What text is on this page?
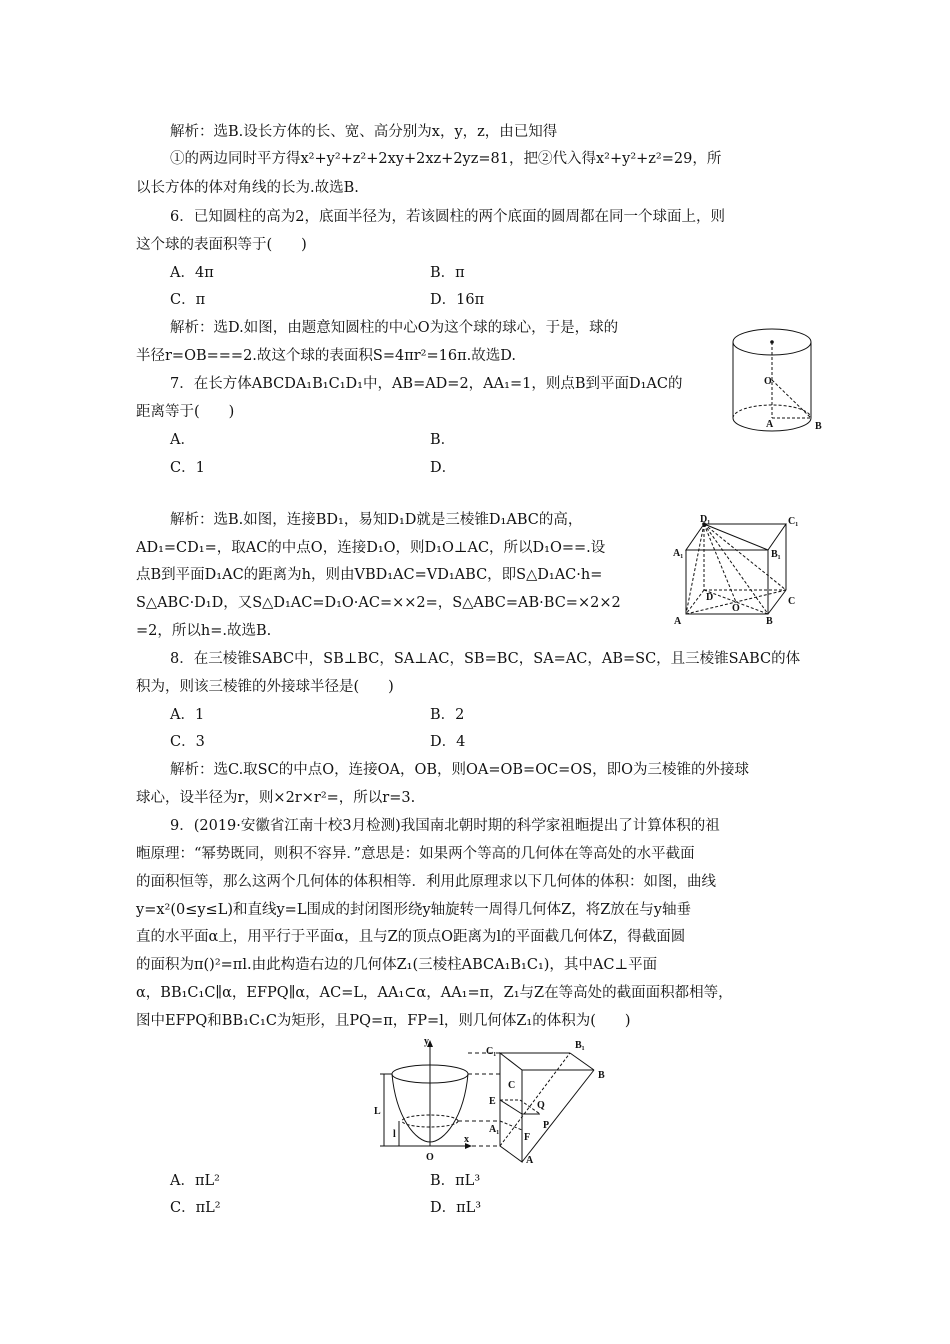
解析：选B.设长方体的长、宽、高分别为x，y，z，由已知得
①的两边同时平方得x²+y²+z²+2xy+2xz+2yz=81，把②代入得x²+y²+z²=29，所
以长方体的体对角线的长为.故选B.
6．已知圆柱的高为2，底面半径为，若该圆柱的两个底面的圆周都在同一个球面上，则
这个球的表面积等于(　　)
A．4π	B．π
C．π	D．16π
解析：选D.如图，由题意知圆柱的中心O为这个球的球心，于是，球的
半径r=OB===2.故这个球的表面积S=4πr²=16π.故选D.
O
A	B
7．在长方体ABCDA₁B₁C₁D₁中，AB=AD=2，AA₁=1，则点B到平面D₁AC的
距离等于(　　)
A．	B．
C．1	D．
解析：选B.如图，连接BD₁，易知D₁D就是三棱锥D₁ABC的高，
AD₁=CD₁=，取AC的中点O，连接D₁O，则D₁O⊥AC，所以D₁O==.设
点B到平面D₁AC的距离为h，则由VBD₁AC=VD₁ABC，即S△D₁AC·h=
S△ABC·D₁D，又S△D₁AC=D₁O·AC=××2=，S△ABC=AB·BC=×2×2
=2，所以h=.故选B.
D₁	C₁
A₁	B₁
D	C
O
A	B
8．在三棱锥SABC中，SB⊥BC，SA⊥AC，SB=BC，SA=AC，AB=SC，且三棱锥SABC的体
积为，则该三棱锥的外接球半径是(　　)
A．1	B．2
C．3	D．4
解析：选C.取SC的中点O，连接OA，OB，则OA=OB=OC=OS，即O为三棱锥的外接球
球心，设半径为r，则×2r×r²=，所以r=3.
9．(2019·安徽省江南十校3月检测)我国南北朝时期的科学家祖暅提出了计算体积的祖
暅原理：“幂势既同，则积不容异．”意思是：如果两个等高的几何体在等高处的水平截面
的面积恒等，那么这两个几何体的体积相等．利用此原理求以下几何体的体积：如图，曲线
y=x²(0≤y≤L)和直线y=L围成的封闭图形绕y轴旋转一周得几何体Z，将Z放在与y轴垂
直的水平面α上，用平行于平面α，且与Z的顶点O距离为l的平面截几何体Z，得截面圆
的面积为π()²=πl.由此构造右边的几何体Z₁(三棱柱ABCA₁B₁C₁)，其中AC⊥平面
α，BB₁C₁C∥α，EFPQ∥α，AC=L，AA₁⊂α，AA₁=π，Z₁与Z在等高处的截面面积都相等，
图中EFPQ和BB₁C₁C为矩形，且PQ=π，FP=l，则几何体Z₁的体积为(　　)
y
L
l
O
x
C₁
B₁
C
B
E	Q
A₁
F
P
A
A．πL²	B．πL³
C．πL²	D．πL³
